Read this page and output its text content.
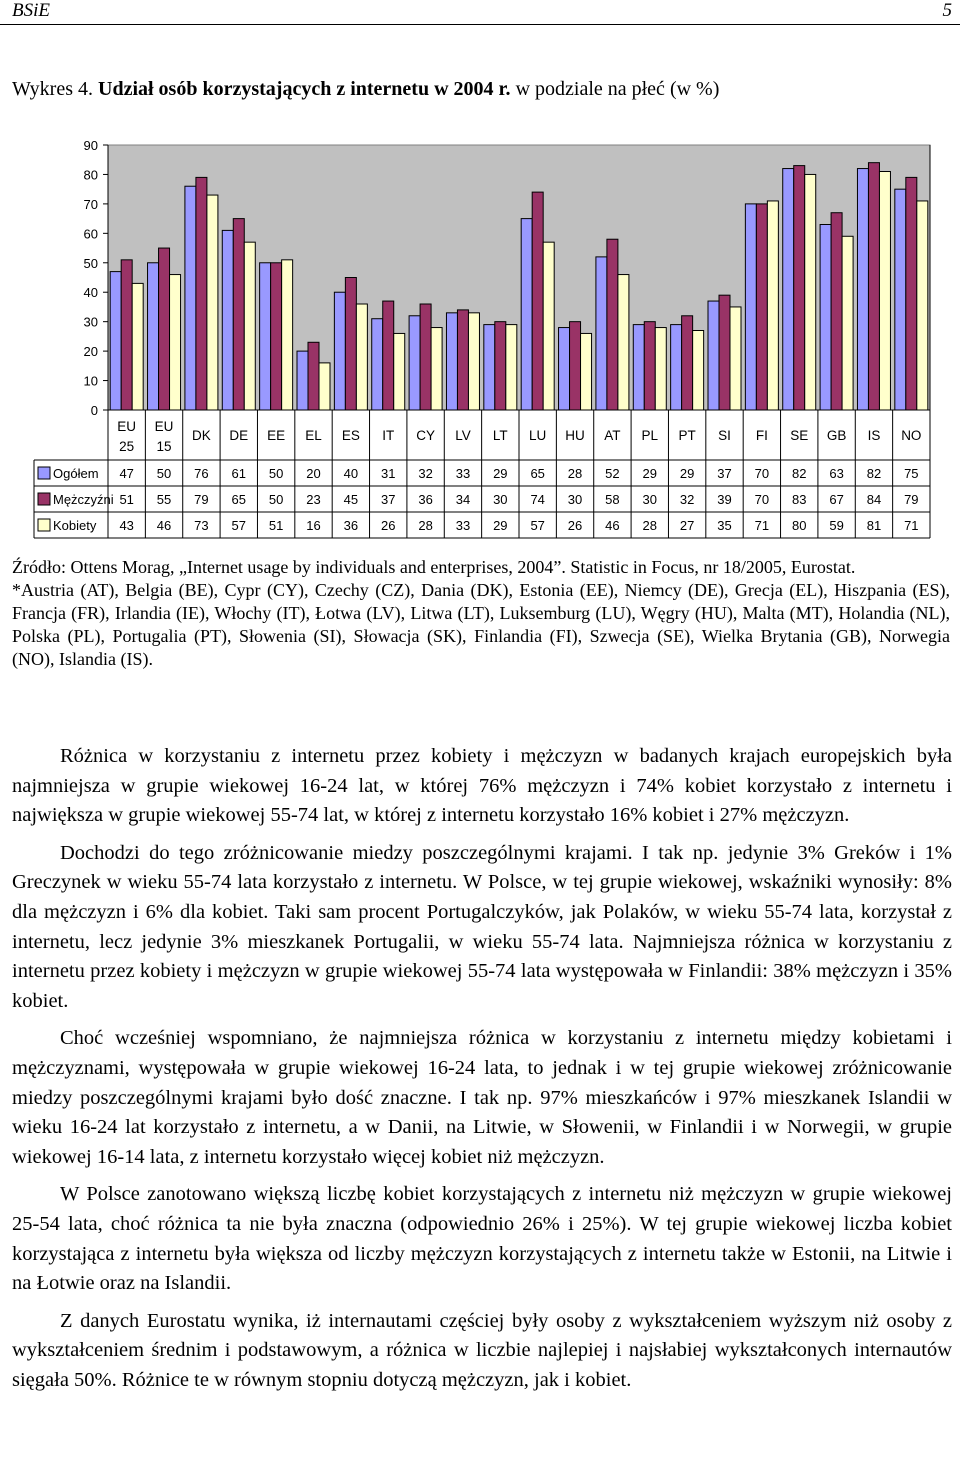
BSiE	5
Wykres 4. Udział osób korzystających z internetu w 2004 r. w podziale na płeć (w %)
0
10
20
30
40
50
60
70
80
90
EU
25
EU
15
DK DE EE EL ES IT CY LV LT LU HU AT PL PT SI FI SE GB IS NO
Ogółem 47 50 76 61 50 20 40 31 32 33 29 65 28 52 29 29 37 70 82 63 82 75
Mężczyźni 51 55 79 65 50 23 45 37 36 34 30 74 30 58 30 32 39 70 83 67 84 79
Kobiety 43 46 73 57 51 16 36 26 28 33 29 57 26 46 28 27 35 71 80 59 81 71

Źródło: Ottens Morag, „Internet usage by individuals and enterprises, 2004”. Statistic in Focus, nr 18/2005, Eurostat.

*Austria (AT), Belgia (BE), Cypr (CY), Czechy (CZ), Dania (DK), Estonia (EE), Niemcy (DE), Grecja (EL), Hiszpania (ES), Francja (FR), Irlandia (IE), Włochy (IT), Łotwa (LV), Litwa (LT), Luksemburg (LU), Węgry (HU), Malta (MT), Holandia (NL), Polska (PL), Portugalia (PT), Słowenia (SI), Słowacja (SK), Finlandia (FI), Szwecja (SE), Wielka Brytania (GB), Norwegia (NO), Islandia (IS).

Różnica w korzystaniu z internetu przez kobiety i mężczyzn w badanych krajach europejskich była najmniejsza w grupie wiekowej 16-24 lat, w której 76% mężczyzn i 74% kobiet korzystało z internetu i największa w grupie wiekowej 55-74 lat, w której z internetu korzystało 16% kobiet i 27% mężczyzn.

Dochodzi do tego zróżnicowanie miedzy poszczególnymi krajami. I tak np. jedynie 3% Greków i 1% Greczynek w wieku 55-74 lata korzystało z internetu. W Polsce, w tej grupie wiekowej, wskaźniki wynosiły: 8% dla mężczyzn i 6% dla kobiet. Taki sam procent Portugalczyków, jak Polaków, w wieku 55-74 lata, korzystał z internetu, lecz jedynie 3% mieszkanek Portugalii, w wieku 55-74 lata. Najmniejsza różnica w korzystaniu z internetu przez kobiety i mężczyzn w grupie wiekowej 55-74 lata występowała w Finlandii: 38% mężczyzn i 35% kobiet.

Choć wcześniej wspomniano, że najmniejsza różnica w korzystaniu z internetu między kobietami i mężczyznami, występowała w grupie wiekowej 16-24 lata, to jednak i w tej grupie wiekowej zróżnicowanie miedzy poszczególnymi krajami było dość znaczne. I tak np. 97% mieszkańców i 97% mieszkanek Islandii w wieku 16-24 lat korzystało z internetu, a w Danii, na Litwie, w Słowenii, w Finlandii i w Norwegii, w grupie wiekowej 16-14 lata, z internetu korzystało więcej kobiet niż mężczyzn.

W Polsce zanotowano większą liczbę kobiet korzystających z internetu niż mężczyzn w grupie wiekowej 25-54 lata, choć różnica ta nie była znaczna (odpowiednio 26% i 25%). W tej grupie wiekowej liczba kobiet korzystająca z internetu była większa od liczby mężczyzn korzystających z internetu także w Estonii, na Litwie i na Łotwie oraz na Islandii.

Z danych Eurostatu wynika, iż internautami częściej były osoby z wykształceniem wyższym niż osoby z wykształceniem średnim i podstawowym, a różnica w liczbie najlepiej i najsłabiej wykształconych internautów sięgała 50%. Różnice te w równym stopniu dotyczą mężczyzn, jak i kobiet.
